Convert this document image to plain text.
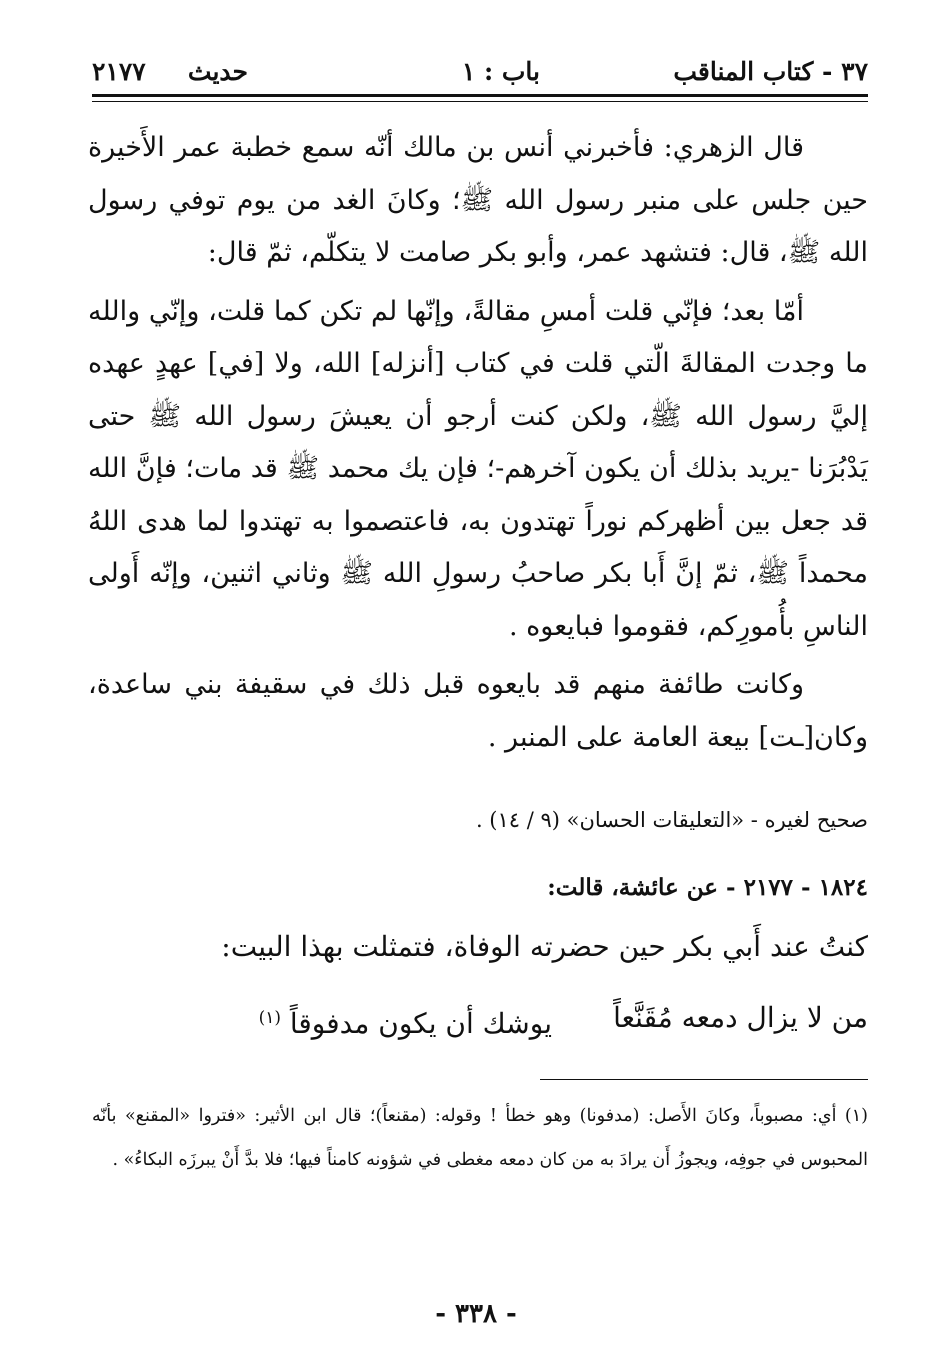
٣٧ - كتاب المناقب
باب : ١
حديث
٢١٧٧

قال الزهري: فأخبرني أنس بن مالك أنّه سمع خطبة عمر الأَخيرة حين جلس على منبر رسول الله ﷺ؛ وكانَ الغد من يوم توفي رسول الله ﷺ، قال: فتشهد عمر، وأبو بكر صامت لا يتكلّم، ثمّ قال:

أمّا بعد؛ فإنّي قلت أمسِ مقالةً، وإنّها لم تكن كما قلت، وإنّي والله ما وجدت المقالةَ الّتي قلت في كتاب [أنزله] الله، ولا [في] عهدٍ عهده إليَّ رسول الله ﷺ، ولكن كنت أرجو أن يعيشَ رسول الله ﷺ حتى يَدْبُرَنا -يريد بذلك أن يكون آخرهم-؛ فإن يك محمد ﷺ قد مات؛ فإنَّ الله قد جعل بين أظهركم نوراً تهتدون به، فاعتصموا به تهتدوا لما هدى اللهُ محمداً ﷺ، ثمّ إنَّ أَبا بكر صاحبُ رسولِ الله ﷺ وثاني اثنين، وإنّه أَولى الناسِ بأُمورِكم، فقوموا فبايعوه .

وكانت طائفة منهم قد بايعوه قبل ذلك في سقيفة بني ساعدة، وكان[ـت] بيعة العامة على المنبر .

صحيح لغيره - «التعليقات الحسان» (٩ / ١٤) .
١٨٢٤ - ٢١٧٧ - عن عائشة، قالت:
كنتُ عند أَبي بكر حين حضرته الوفاة، فتمثلت بهذا البيت:
من لا يزال دمعه مُقَنَّعاً
يوشك أن يكون مدفوقاً $^{(١)}$

(١) أي: مصبوباً، وكانَ الأَصل: (مدفونا) وهو خطأ ! وقوله: (مقنعاً)؛ قال ابن الأثير: «فتروا «المقنع» بأنّه المحبوس في جوفِه، ويجوزُ أَن يرادَ به من كان دمعه مغطى في شؤونه كامناً فيها؛ فلا بدَّ أَنْ يبرزَه البكاءُ» .

- ٣٣٨ -
